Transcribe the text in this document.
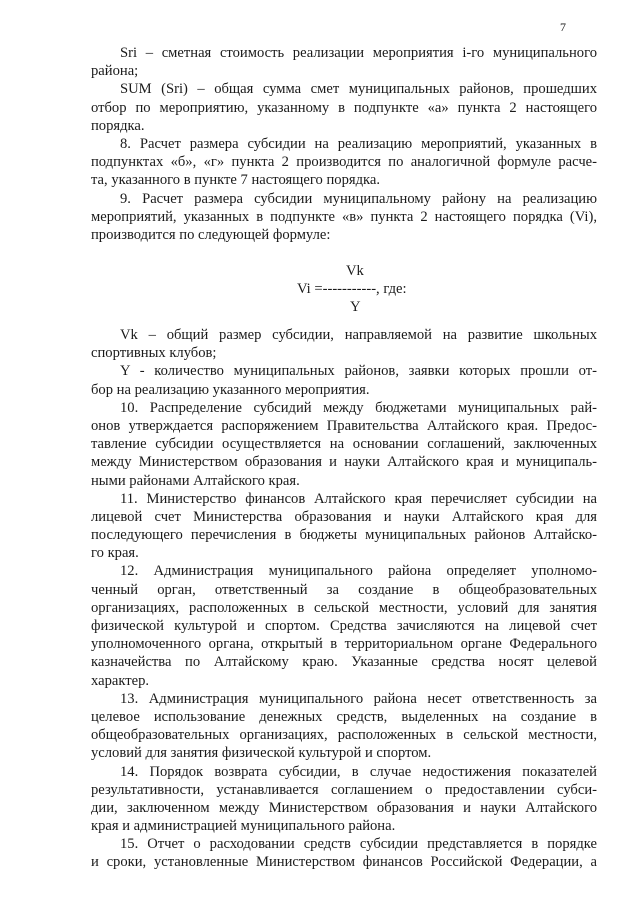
7
Sri – сметная стоимость реализации мероприятия i-го муниципального
района;
SUM (Sri) – общая сумма смет муниципальных районов, прошедших
отбор по мероприятию, указанному в подпункте «а» пункта 2 настоящего
порядка.
8. Расчет размера субсидии на реализацию мероприятий, указанных в
подпунктах «б», «г» пункта 2 производится по аналогичной формуле расче-
та, указанного в пункте 7 настоящего порядка.
9. Расчет размера субсидии муниципальному району на реализацию
мероприятий, указанных в подпункте «в» пункта 2 настоящего порядка (Vi),
производится по следующей формуле:
Vk
Vi =-----------, где:
Y
Vk – общий размер субсидии, направляемой на развитие школьных
спортивных клубов;
Y - количество муниципальных районов, заявки которых прошли от-
бор на реализацию указанного мероприятия.
10. Распределение субсидий между бюджетами муниципальных рай-
онов утверждается распоряжением Правительства Алтайского края. Предос-
тавление субсидии осуществляется на основании соглашений, заключенных
между Министерством образования и науки Алтайского края и муниципаль-
ными районами Алтайского края.
11. Министерство финансов Алтайского края перечисляет субсидии на
лицевой счет Министерства образования и науки Алтайского края для
последующего перечисления в бюджеты муниципальных районов Алтайско-
го края.
12. Администрация муниципального района определяет уполномо-
ченный орган, ответственный за создание в общеобразовательных
организациях, расположенных в сельской местности, условий для занятия
физической культурой и спортом. Средства зачисляются на лицевой счет
уполномоченного органа, открытый в территориальном органе Федерального
казначейства по Алтайскому краю. Указанные средства носят целевой
характер.
13. Администрация муниципального района несет ответственность за
целевое использование денежных средств, выделенных на создание в
общеобразовательных организациях, расположенных в сельской местности,
условий для занятия физической культурой и спортом.
14. Порядок возврата субсидии, в случае недостижения показателей
результативности, устанавливается соглашением о предоставлении субси-
дии, заключенном между Министерством образования и науки Алтайского
края и администрацией муниципального района.
15. Отчет о расходовании средств субсидии представляется в порядке
и сроки, установленные Министерством финансов Российской Федерации, а
